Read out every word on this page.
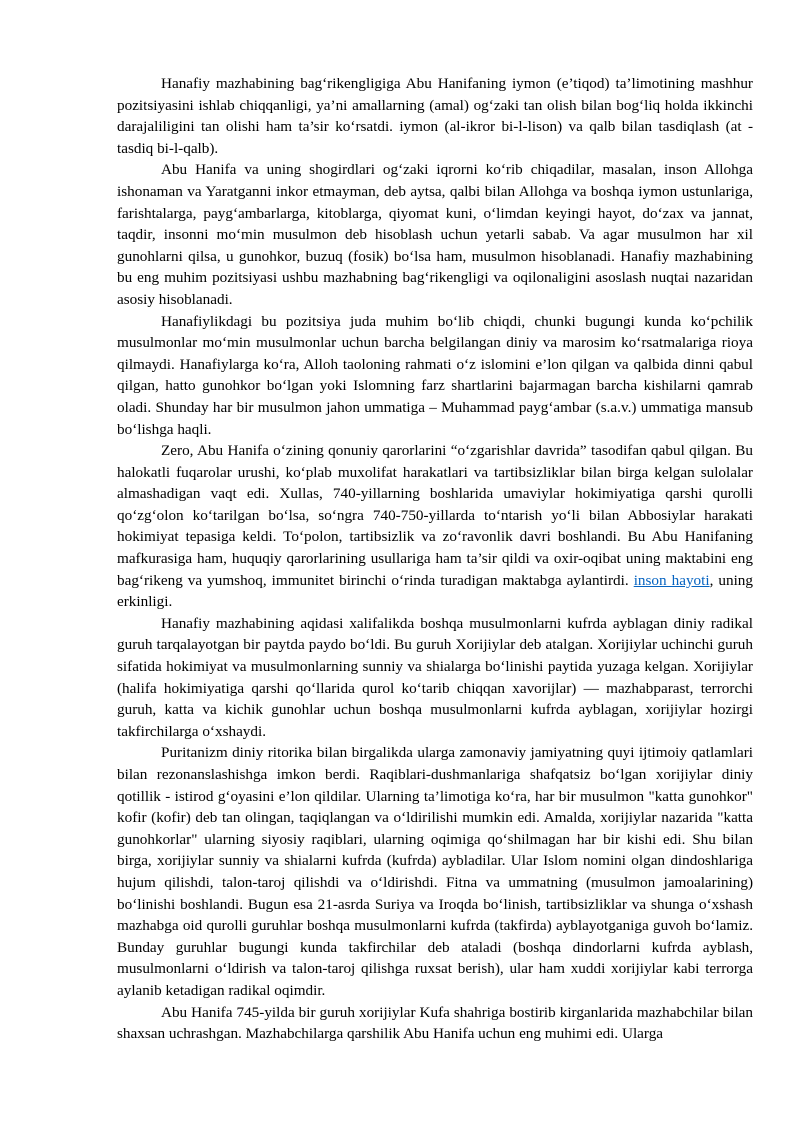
Hanafiy mazhabining bag‘rikengligiga Abu Hanifaning iymon (e’tiqod) ta’limotining mashhur pozitsiyasini ishlab chiqqanligi, ya’ni amallarning (amal) og‘zaki tan olish bilan bog‘liq holda ikkinchi darajaliligini tan olishi ham ta’sir ko‘rsatdi. iymon (al-ikror bi-l-lison) va qalb bilan tasdiqlash (at -tasdiq bi-l-qalb).

Abu Hanifa va uning shogirdlari og‘zaki iqrorni ko‘rib chiqadilar, masalan, inson Allohga ishonaman va Yaratganni inkor etmayman, deb aytsa, qalbi bilan Allohga va boshqa iymon ustunlariga, farishtalarga, payg‘ambarlarga, kitoblarga, qiyomat kuni, o‘limdan keyingi hayot, do‘zax va jannat, taqdir, insonni mo‘min musulmon deb hisoblash uchun yetarli sabab. Va agar musulmon har xil gunohlarni qilsa, u gunohkor, buzuq (fosik) bo‘lsa ham, musulmon hisoblanadi. Hanafiy mazhabining bu eng muhim pozitsiyasi ushbu mazhabning bag‘rikengligi va oqilonaligini asoslash nuqtai nazaridan asosiy hisoblanadi.

Hanafiylikdagi bu pozitsiya juda muhim bo‘lib chiqdi, chunki bugungi kunda ko‘pchilik musulmonlar mo‘min musulmonlar uchun barcha belgilangan diniy va marosim ko‘rsatmalariga rioya qilmaydi. Hanafiylarga ko‘ra, Alloh taoloning rahmati o‘z islomini e’lon qilgan va qalbida dinni qabul qilgan, hatto gunohkor bo‘lgan yoki Islomning farz shartlarini bajarmagan barcha kishilarni qamrab oladi. Shunday har bir musulmon jahon ummatiga – Muhammad payg‘ambar (s.a.v.) ummatiga mansub bo‘lishga haqli.

Zero, Abu Hanifa o‘zining qonuniy qarorlarini “o‘zgarishlar davrida” tasodifan qabul qilgan. Bu halokatli fuqarolar urushi, ko‘plab muxolifat harakatlari va tartibsizliklar bilan birga kelgan sulolalar almashadigan vaqt edi. Xullas, 740-yillarning boshlarida umaviylar hokimiyatiga qarshi qurolli qo‘zg‘olon ko‘tarilgan bo‘lsa, so‘ngra 740-750-yillarda to‘ntarish yo‘li bilan Abbosiylar harakati hokimiyat tepasiga keldi. To‘polon, tartibsizlik va zo‘ravonlik davri boshlandi. Bu Abu Hanifaning mafkurasiga ham, huquqiy qarorlarining usullariga ham ta’sir qildi va oxir-oqibat uning maktabini eng bag‘rikeng va yumshoq, immunitet birinchi o‘rinda turadigan maktabga aylantirdi. inson hayoti, uning erkinligi.

Hanafiy mazhabining aqidasi xalifalikda boshqa musulmonlarni kufrda ayblagan diniy radikal guruh tarqalayotgan bir paytda paydo bo‘ldi. Bu guruh Xorijiylar deb atalgan. Xorijiylar uchinchi guruh sifatida hokimiyat va musulmonlarning sunniy va shialarga bo‘linishi paytida yuzaga kelgan. Xorijiylar (halifa hokimiyatiga qarshi qo‘llarida qurol ko‘tarib chiqqan xavorijlar) — mazhabparast, terrorchi guruh, katta va kichik gunohlar uchun boshqa musulmonlarni kufrda ayblagan, xorijiylar hozirgi takfirchilarga o‘xshaydi.

Puritanizm diniy ritorika bilan birgalikda ularga zamonaviy jamiyatning quyi ijtimoiy qatlamlari bilan rezonanslashishga imkon berdi. Raqiblari-dushmanlariga shafqatsiz bo‘lgan xorijiylar diniy qotillik - istirod g‘oyasini e’lon qildilar. Ularning ta’limotiga ko‘ra, har bir musulmon "katta gunohkor" kofir (kofir) deb tan olingan, taqiqlangan va o‘ldirilishi mumkin edi. Amalda, xorijiylar nazarida "katta gunohkorlar" ularning siyosiy raqiblari, ularning oqimiga qo‘shilmagan har bir kishi edi. Shu bilan birga, xorijiylar sunniy va shialarni kufrda (kufrda) aybladilar. Ular Islom nomini olgan dindoshlariga hujum qilishdi, talon-taroj qilishdi va o‘ldirishdi. Fitna va ummatning (musulmon jamoalarining) bo‘linishi boshlandi. Bugun esa 21-asrda Suriya va Iroqda bo‘linish, tartibsizliklar va shunga o‘xshash mazhabga oid qurolli guruhlar boshqa musulmonlarni kufrda (takfirda) ayblayotganiga guvoh bo‘lamiz. Bunday guruhlar bugungi kunda takfirchilar deb ataladi (boshqa dindorlarni kufrda ayblash, musulmonlarni o‘ldirish va talon-taroj qilishga ruxsat berish), ular ham xuddi xorijiylar kabi terrorga aylanib ketadigan radikal oqimdir.

Abu Hanifa 745-yilda bir guruh xorijiylar Kufa shahriga bostirib kirganlarida mazhabchilar bilan shaxsan uchrashgan. Mazhabchilarga qarshilik Abu Hanifa uchun eng muhimi edi. Ularga
